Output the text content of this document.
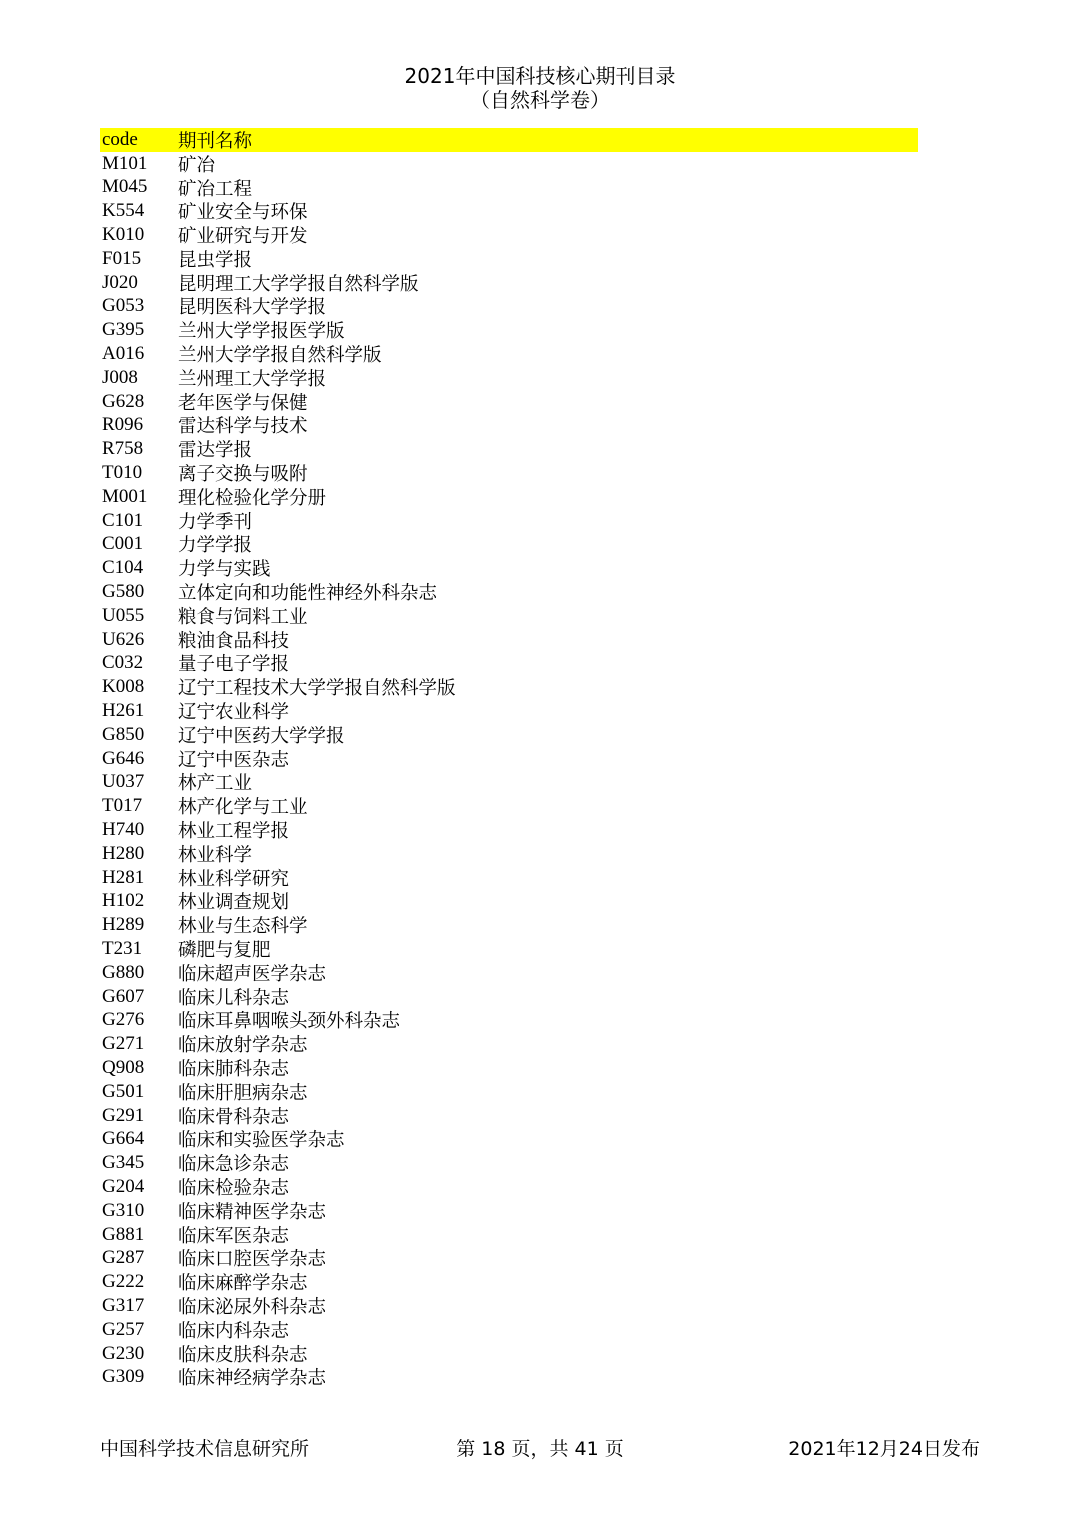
2021年中国科技核心期刊目录
（自然科学卷）
code	期刊名称
M101	矿冶
M045	矿冶工程
K554	矿业安全与环保
K010	矿业研究与开发
F015	昆虫学报
J020	昆明理工大学学报自然科学版
G053	昆明医科大学学报
G395	兰州大学学报医学版
A016	兰州大学学报自然科学版
J008	兰州理工大学学报
G628	老年医学与保健
R096	雷达科学与技术
R758	雷达学报
T010	离子交换与吸附
M001	理化检验化学分册
C101	力学季刊
C001	力学学报
C104	力学与实践
G580	立体定向和功能性神经外科杂志
U055	粮食与饲料工业
U626	粮油食品科技
C032	量子电子学报
K008	辽宁工程技术大学学报自然科学版
H261	辽宁农业科学
G850	辽宁中医药大学学报
G646	辽宁中医杂志
U037	林产工业
T017	林产化学与工业
H740	林业工程学报
H280	林业科学
H281	林业科学研究
H102	林业调查规划
H289	林业与生态科学
T231	磷肥与复肥
G880	临床超声医学杂志
G607	临床儿科杂志
G276	临床耳鼻咽喉头颈外科杂志
G271	临床放射学杂志
Q908	临床肺科杂志
G501	临床肝胆病杂志
G291	临床骨科杂志
G664	临床和实验医学杂志
G345	临床急诊杂志
G204	临床检验杂志
G310	临床精神医学杂志
G881	临床军医杂志
G287	临床口腔医学杂志
G222	临床麻醉学杂志
G317	临床泌尿外科杂志
G257	临床内科杂志
G230	临床皮肤科杂志
G309	临床神经病学杂志
中国科学技术信息研究所	第 18 页，共 41 页	2021年12月24日发布
